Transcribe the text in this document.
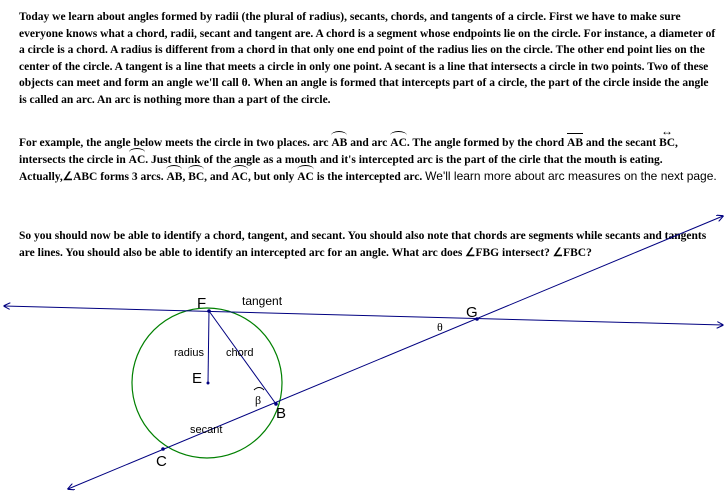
Today we learn about angles formed by radii (the plural of radius), secants, chords, and tangents of a circle. First we have to make sure everyone knows what a chord, radii, secant and tangent are. A chord is a segment whose endpoints lie on the circle. For instance, a diameter of a circle is a chord. A radius is different from a chord in that only one end point of the radius lies on the circle. The other end point lies on the center of the circle. A tangent is a line that meets a circle in only one point. A secant is a line that intersects a circle in two points. Two of these objects can meet and form an angle we'll call θ. When an angle is formed that intercepts part of a circle, the part of the circle inside the angle is called an arc. An arc is nothing more than a part of the circle.

For example, the angle below meets the circle in two places. arc AB and arc AC. The angle formed by the chord AB and the secant ↔ BC, intersects the circle in AC. Just think of the angle as a mouth and it's intercepted arc is the part of the cirle that the mouth is eating. Actually,∠ABC forms 3 arcs. AB, BC, and AC, but only AC is the intercepted arc. We'll learn more about arc measures on the next page.

So you should now be able to identify a chord, tangent, and secant. You should also note that chords are segments while secants and tangents are lines. You should also be able to identify an intercepted arc for an angle. What arc does ∠FBG intersect? ∠FBC?

F
G
E
B
C
tangent
radius chord
secant
θ
β
